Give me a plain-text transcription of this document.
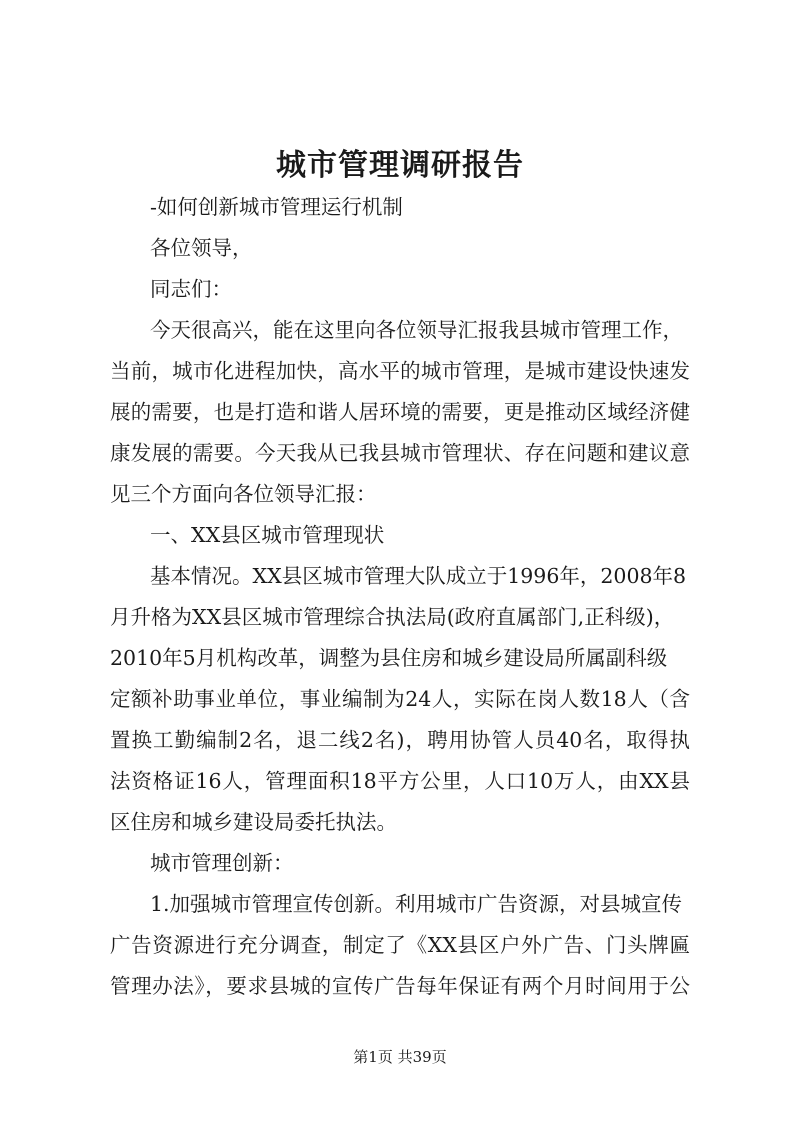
城市管理调研报告
-如何创新城市管理运行机制
各位领导，
同志们：
今天很高兴，能在这里向各位领导汇报我县城市管理工作，
当前，城市化进程加快，高水平的城市管理，是城市建设快速发
展的需要，也是打造和谐人居环境的需要，更是推动区域经济健
康发展的需要。今天我从已我县城市管理状、存在问题和建议意
见三个方面向各位领导汇报：
一、XX县区城市管理现状
基本情况。XX县区城市管理大队成立于1996年，2008年8
月升格为XX县区城市管理综合执法局(政府直属部门,正科级)，
2010年5月机构改革，调整为县住房和城乡建设局所属副科级
定额补助事业单位，事业编制为24人，实际在岗人数18人（含
置换工勤编制2名，退二线2名)，聘用协管人员40名，取得执
法资格证16人，管理面积18平方公里，人口10万人，由XX县
区住房和城乡建设局委托执法。
城市管理创新：
1.加强城市管理宣传创新。利用城市广告资源，对县城宣传
广告资源进行充分调查，制定了《XX县区户外广告、门头牌匾
管理办法》，要求县城的宣传广告每年保证有两个月时间用于公
第1页 共39页
